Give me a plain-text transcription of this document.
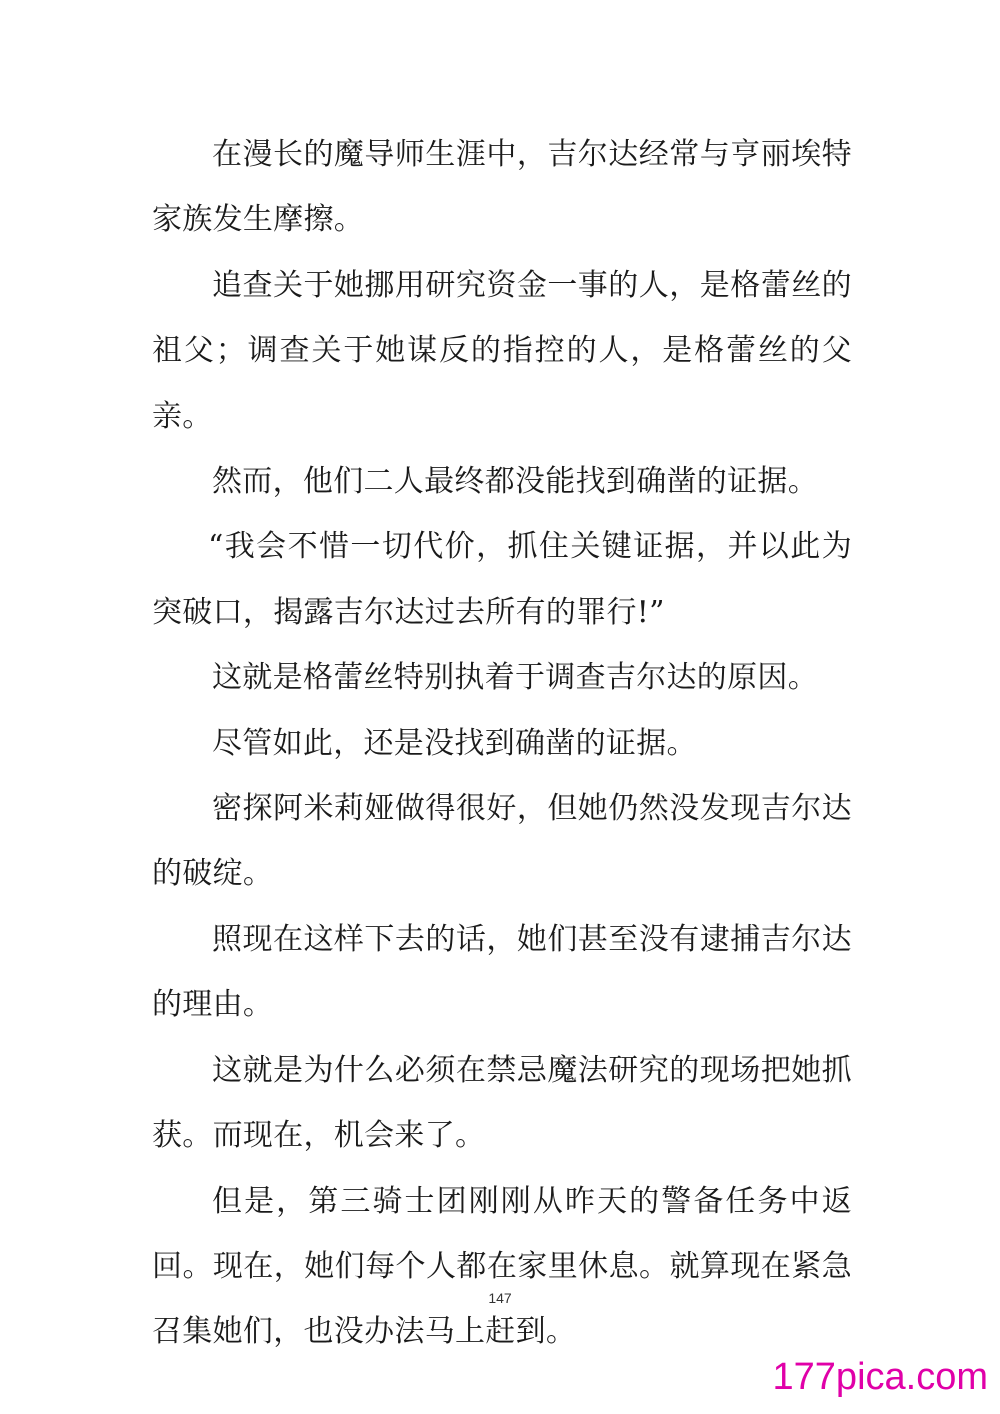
在漫长的魔导师生涯中，吉尔达经常与亨丽埃特家族发生摩擦。

追查关于她挪用研究资金一事的人，是格蕾丝的祖父；调查关于她谋反的指控的人，是格蕾丝的父亲。

然而，他们二人最终都没能找到确凿的证据。

“我会不惜一切代价，抓住关键证据，并以此为突破口，揭露吉尔达过去所有的罪行!”

这就是格蕾丝特别执着于调查吉尔达的原因。

尽管如此，还是没找到确凿的证据。

密探阿米莉娅做得很好，但她仍然没发现吉尔达的破绽。

照现在这样下去的话，她们甚至没有逮捕吉尔达的理由。

这就是为什么必须在禁忌魔法研究的现场把她抓获。而现在，机会来了。

但是，第三骑士团刚刚从昨天的警备任务中返回。现在，她们每个人都在家里休息。就算现在紧急召集她们，也没办法马上赶到。

147
177pica.com
